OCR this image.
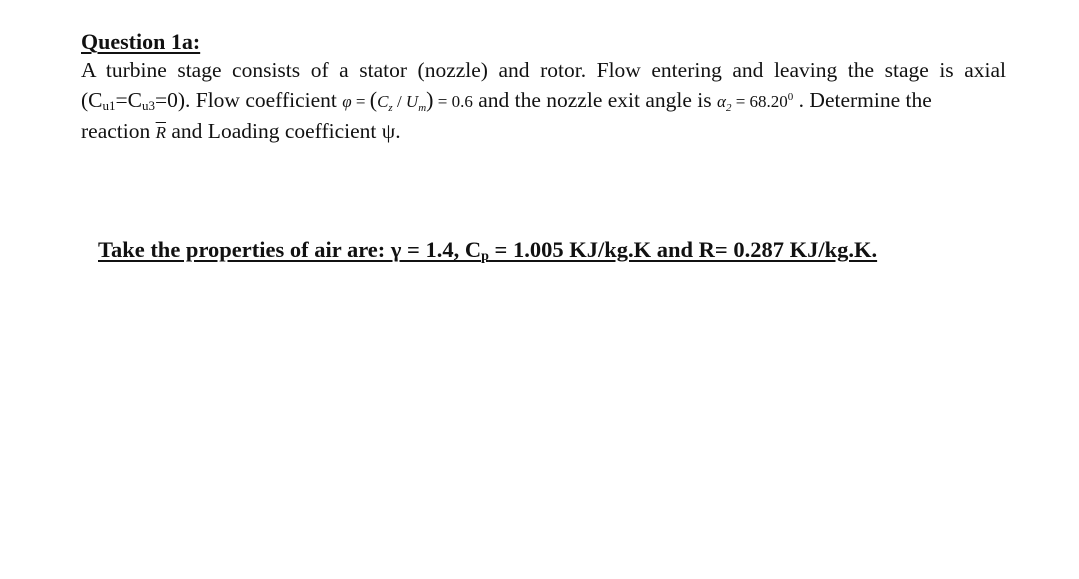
Question 1a:
A turbine stage consists of a stator (nozzle) and rotor. Flow entering and leaving the stage is axial
$(C_{u1}=C_{u3}=0)$. Flow coefficient $\varphi = (C_z / U_m) = 0.6$ and the nozzle exit angle is $\alpha_2 = 68.20^0$ . Determine the
reaction $\overline{R}$ and Loading coefficient ψ.
Take the properties of air are: γ = 1.4, $C_p = 1.005$ KJ/kg.K and R= 0.287 KJ/kg.K.
